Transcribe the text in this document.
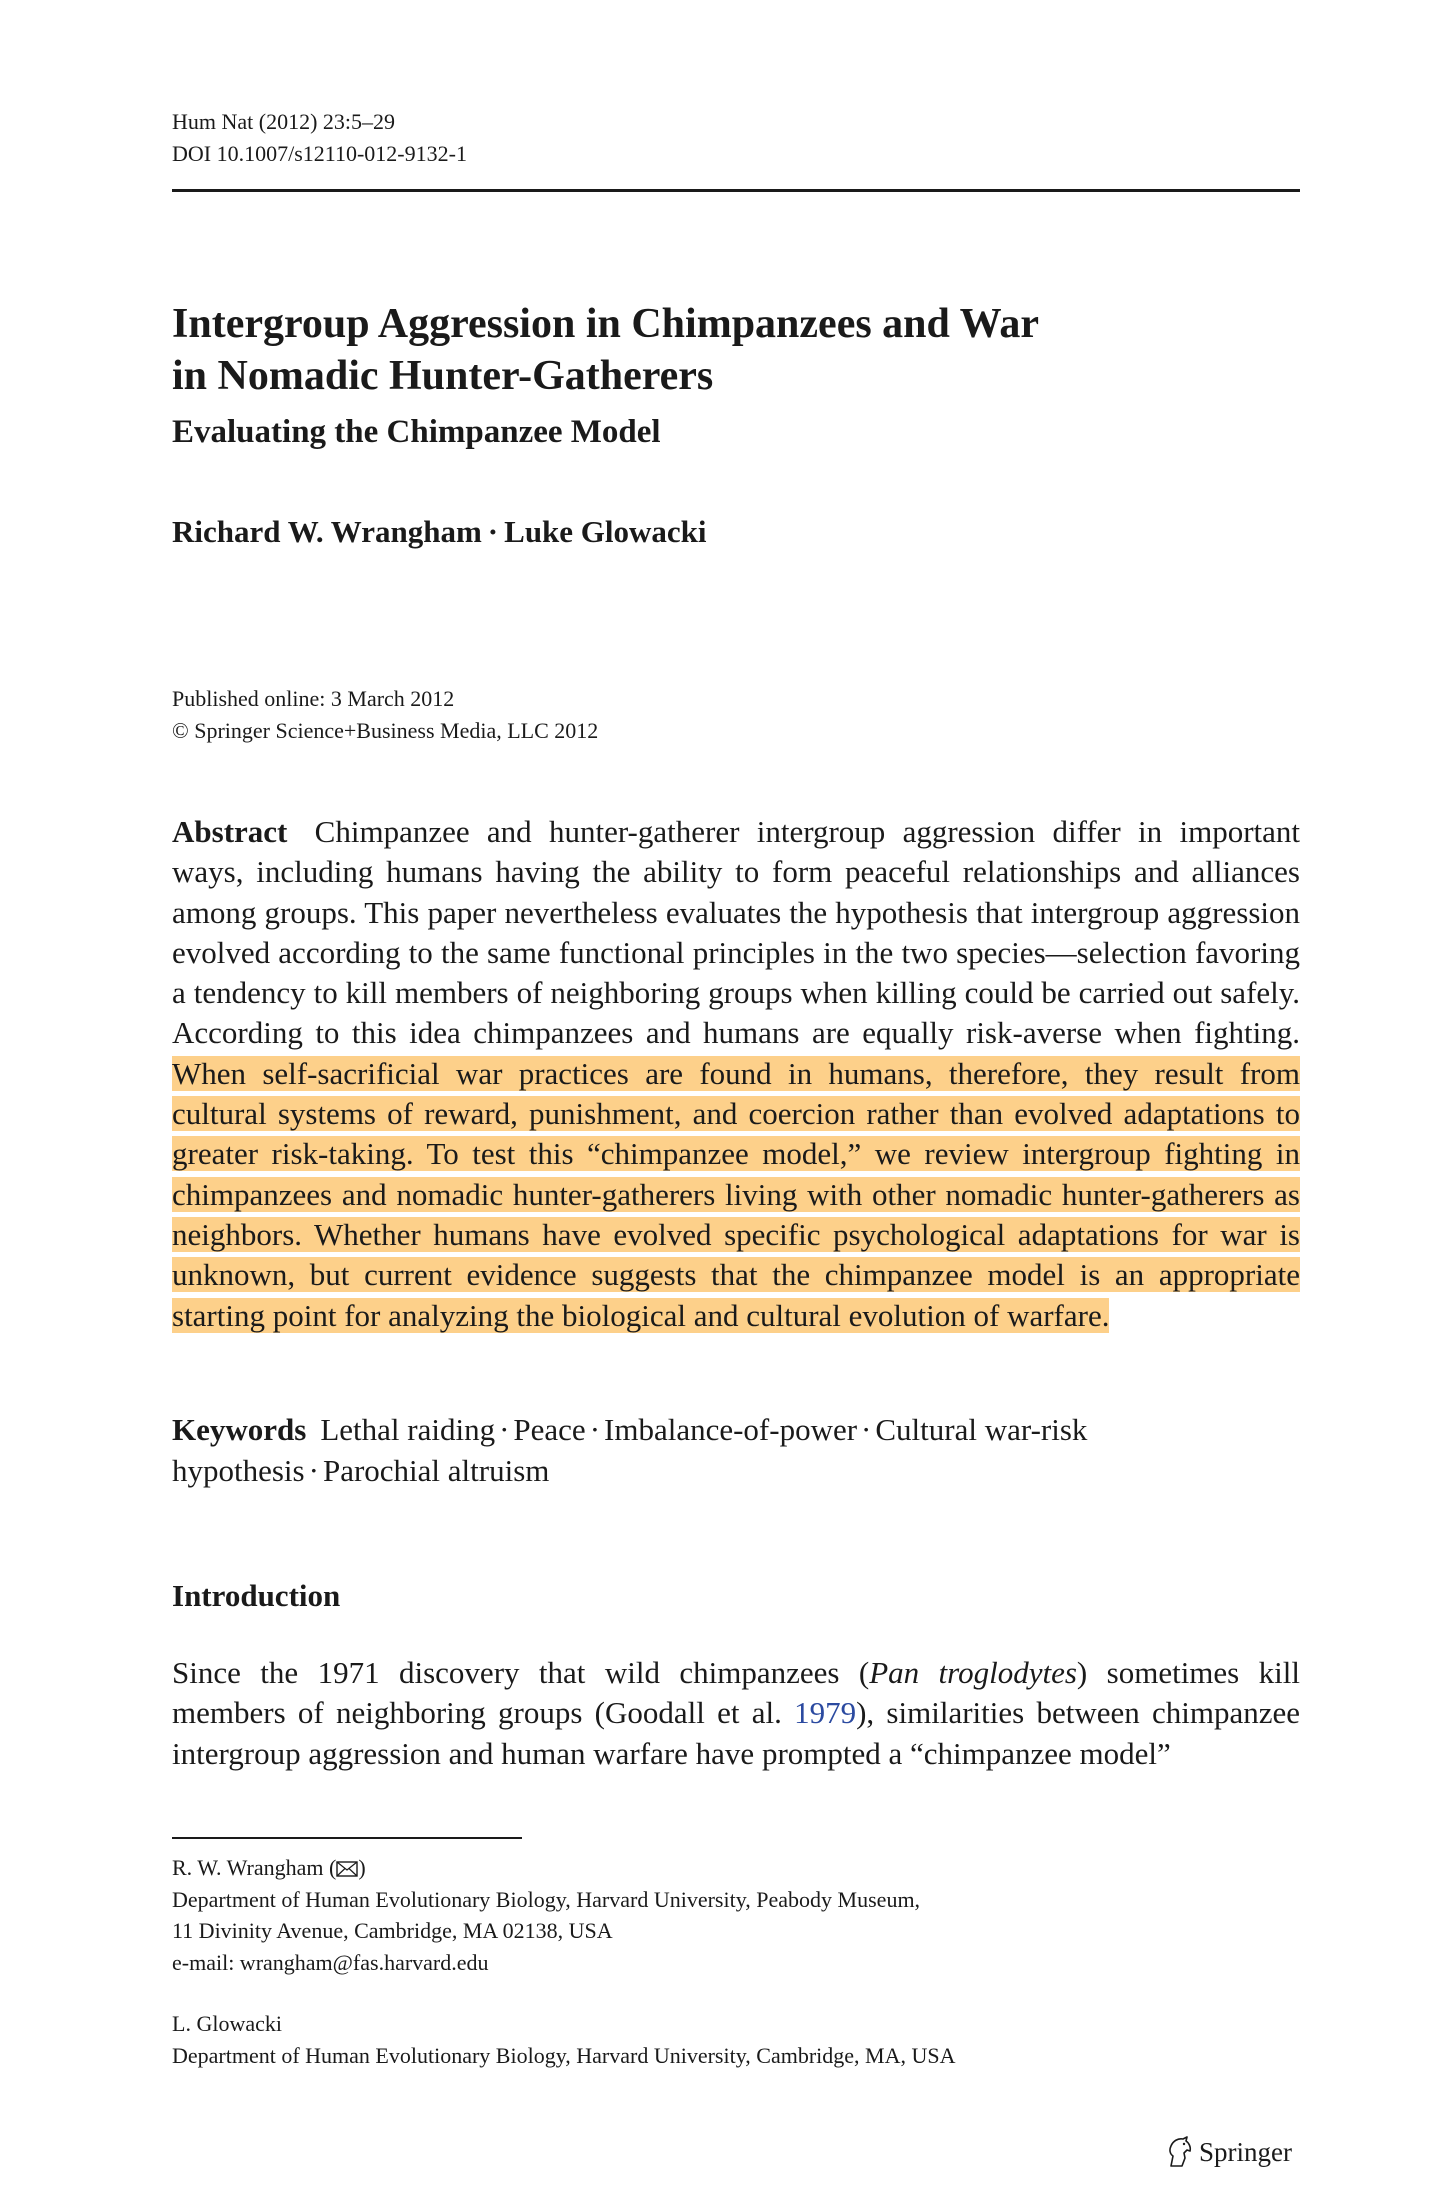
Hum Nat (2012) 23:5–29
DOI 10.1007/s12110-012-9132-1
Intergroup Aggression in Chimpanzees and War
in Nomadic Hunter-Gatherers
Evaluating the Chimpanzee Model
Richard W. Wrangham · Luke Glowacki
Published online: 3 March 2012
© Springer Science+Business Media, LLC 2012
Abstract Chimpanzee and hunter-gatherer intergroup aggression differ in important ways, including humans having the ability to form peaceful relationships and alliances among groups. This paper nevertheless evaluates the hypothesis that intergroup aggression evolved according to the same functional principles in the two species—selection favoring a tendency to kill members of neighboring groups when killing could be carried out safely. According to this idea chimpanzees and humans are equally risk-averse when fighting. When self-sacrificial war practices are found in humans, therefore, they result from cultural systems of reward, punishment, and coercion rather than evolved adaptations to greater risk-taking. To test this “chimpanzee model,” we review intergroup fighting in chimpanzees and nomadic hunter-gatherers living with other nomadic hunter-gatherers as neighbors. Whether humans have evolved specific psychological adaptations for war is unknown, but current evidence suggests that the chimpanzee model is an appropriate starting point for analyzing the biological and cultural evolution of warfare.
Keywords Lethal raiding · Peace · Imbalance-of-power · Cultural war-risk hypothesis · Parochial altruism
Introduction
Since the 1971 discovery that wild chimpanzees (Pan troglodytes) sometimes kill members of neighboring groups (Goodall et al. 1979), similarities between chimpanzee intergroup aggression and human warfare have prompted a “chimpanzee model”
R. W. Wrangham ( )
Department of Human Evolutionary Biology, Harvard University, Peabody Museum,
11 Divinity Avenue, Cambridge, MA 02138, USA
e-mail: wrangham@fas.harvard.edu
L. Glowacki
Department of Human Evolutionary Biology, Harvard University, Cambridge, MA, USA
Springer
